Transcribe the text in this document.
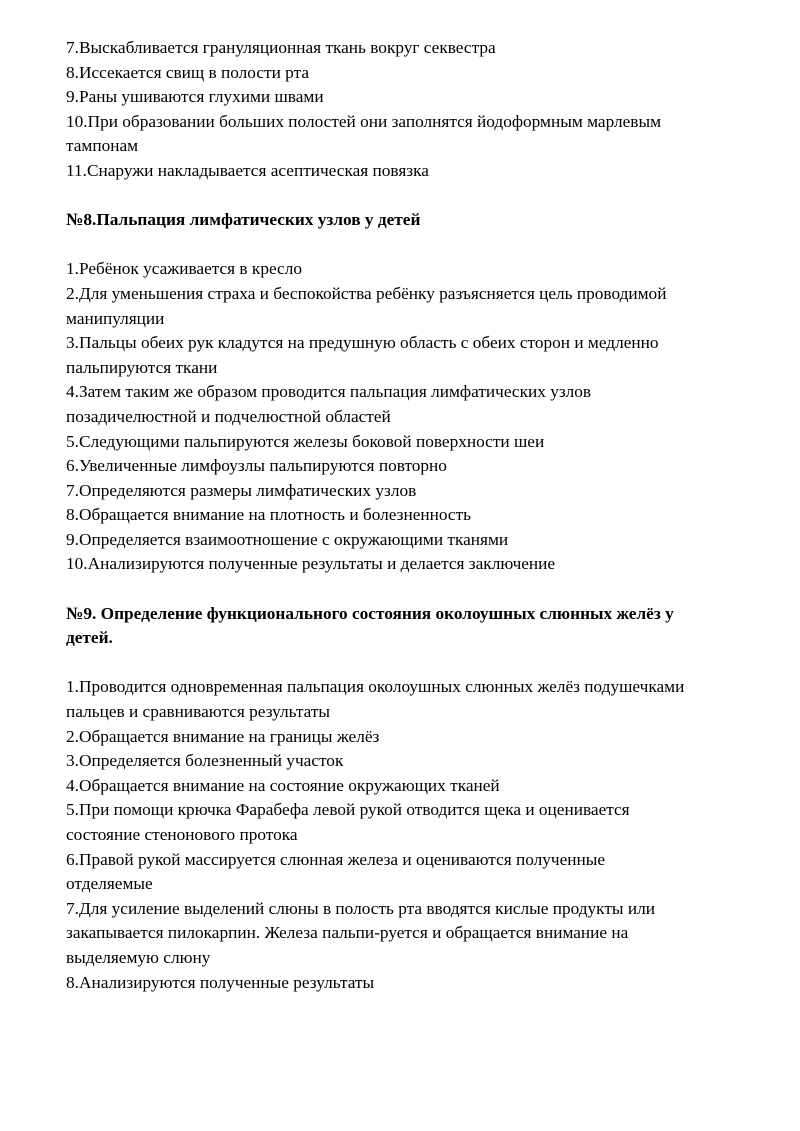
7.Выскабливается грануляционная ткань вокруг секвестра
8.Иссекается свищ в полости рта
9.Раны ушиваются глухими швами
10.При образовании больших полостей они заполнятся йодоформным марлевым
тампонам
11.Снаружи накладывается асептическая повязка
№8.Пальпация лимфатических узлов у детей
1.Ребёнок усаживается в кресло
2.Для уменьшения страха и беспокойства ребёнку разъясняется цель проводимой
манипуляции
3.Пальцы обеих рук кладутся на предушную область с обеих сторон и медленно
пальпируются ткани
4.Затем таким же образом проводится пальпация лимфатических узлов
позадичелюстной и подчелюстной областей
5.Следующими пальпируются железы боковой поверхности шеи
6.Увеличенные лимфоузлы пальпируются повторно
7.Определяются размеры лимфатических узлов
8.Обращается внимание на плотность и болезненность
9.Определяется взаимоотношение с окружающими тканями
10.Анализируются полученные результаты и делается заключение
№9. Определение функционального состояния околоушных слюнных желёз у
детей.
1.Проводится одновременная пальпация околоушных слюнных желёз подушечками
пальцев и сравниваются результаты
2.Обращается внимание на границы желёз
3.Определяется болезненный участок
4.Обращается внимание на состояние окружающих тканей
5.При помощи крючка Фарабефа левой рукой отводится щека и оценивается
состояние стенонового протока
6.Правой рукой массируется слюнная железа и оцениваются полученные
отделяемые
7.Для усиление выделений слюны в полость рта вводятся кислые продукты или
закапывается пилокарпин. Железа пальпи-руется и обращается внимание на
выделяемую слюну
8.Анализируются полученные результаты
